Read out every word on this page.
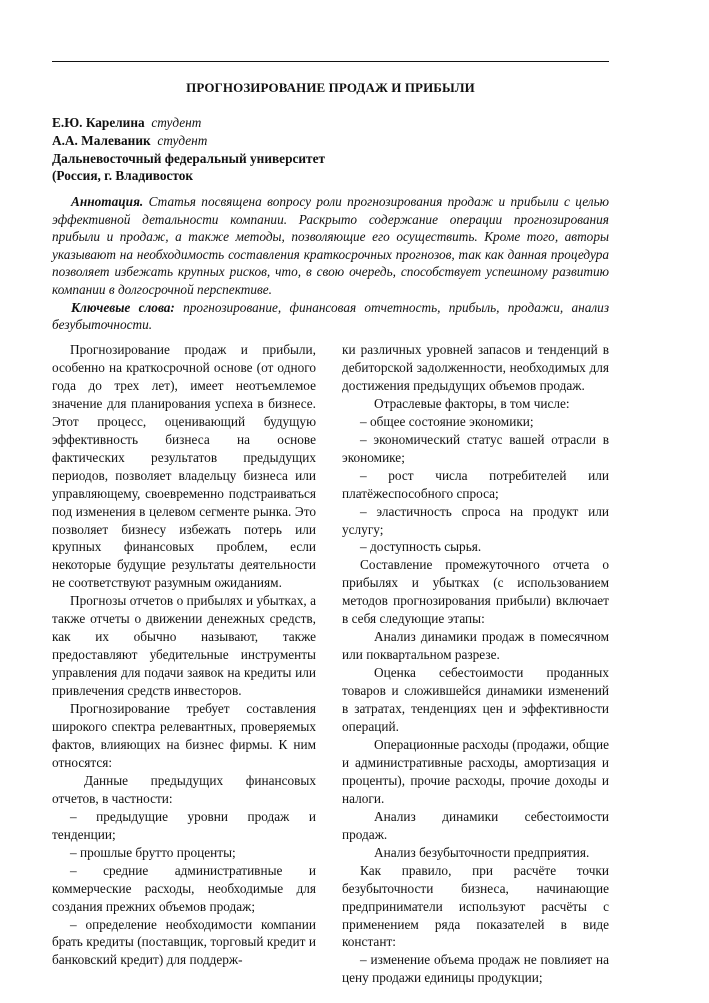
ПРОГНОЗИРОВАНИЕ ПРОДАЖ И ПРИБЫЛИ
Е.Ю. Карелина студент
А.А. Малеваник студент
Дальневосточный федеральный университет
(Россия, г. Владивосток

Аннотация. Статья посвящена вопросу роли прогнозирования продаж и прибыли с целью эффективной детальности компании. Раскрыто содержание операции прогнозирования прибыли и продаж, а также методы, позволяющие его осуществить. Кроме того, авторы указывают на необходимость составления краткосрочных прогнозов, так как данная процедура позволяет избежать крупных рисков, что, в свою очередь, способствует успешному развитию компании в долгосрочной перспективе.

Ключевые слова: прогнозирование, финансовая отчетность, прибыль, продажи, анализ безубыточности.

Прогнозирование продаж и прибыли, особенно на краткосрочной основе (от одного года до трех лет), имеет неотъемлемое значение для планирования успеха в бизнесе. Этот процесс, оценивающий будущую эффективность бизнеса на основе фактических результатов предыдущих периодов, позволяет владельцу бизнеса или управляющему, своевременно подстраиваться под изменения в целевом сегменте рынка. Это позволяет бизнесу избежать потерь или крупных финансовых проблем, если некоторые будущие результаты деятельности не соответствуют разумным ожиданиям.

Прогнозы отчетов о прибылях и убытках, а также отчеты о движении денежных средств, как их обычно называют, также предоставляют убедительные инструменты управления для подачи заявок на кредиты или привлечения средств инвесторов.

Прогнозирование требует составления широкого спектра релевантных, проверяемых фактов, влияющих на бизнес фирмы. К ним относятся:

Данные предыдущих финансовых отчетов, в частности:

– предыдущие уровни продаж и тенденции;

– прошлые брутто проценты;

– средние административные и коммерческие расходы, необходимые для создания прежних объемов продаж;

– определение необходимости компании брать кредиты (поставщик, торговый кредит и банковский кредит) для поддерж-

ки различных уровней запасов и тенденций в дебиторской задолженности, необходимых для достижения предыдущих объемов продаж.

Отраслевые факторы, в том числе:

– общее состояние экономики;

– экономический статус вашей отрасли в экономике;

– рост числа потребителей или платёжеспособного спроса;

– эластичность спроса на продукт или услугу;

– доступность сырья.

Составление промежуточного отчета о прибылях и убытках (с использованием методов прогнозирования прибыли) включает в себя следующие этапы:

Анализ динамики продаж в помесячном или поквартальном разрезе.

Оценка себестоимости проданных товаров и сложившейся динамики изменений в затратах, тенденциях цен и эффективности операций.

Операционные расходы (продажи, общие и административные расходы, амортизация и проценты), прочие расходы, прочие доходы и налоги.

Анализ динамики себестоимости продаж.

Анализ безубыточности предприятия.

Как правило, при расчёте точки безубыточности бизнеса, начинающие предприниматели используют расчёты с применением ряда показателей в виде констант:

– изменение объема продаж не повлияет на цену продажи единицы продукции;
